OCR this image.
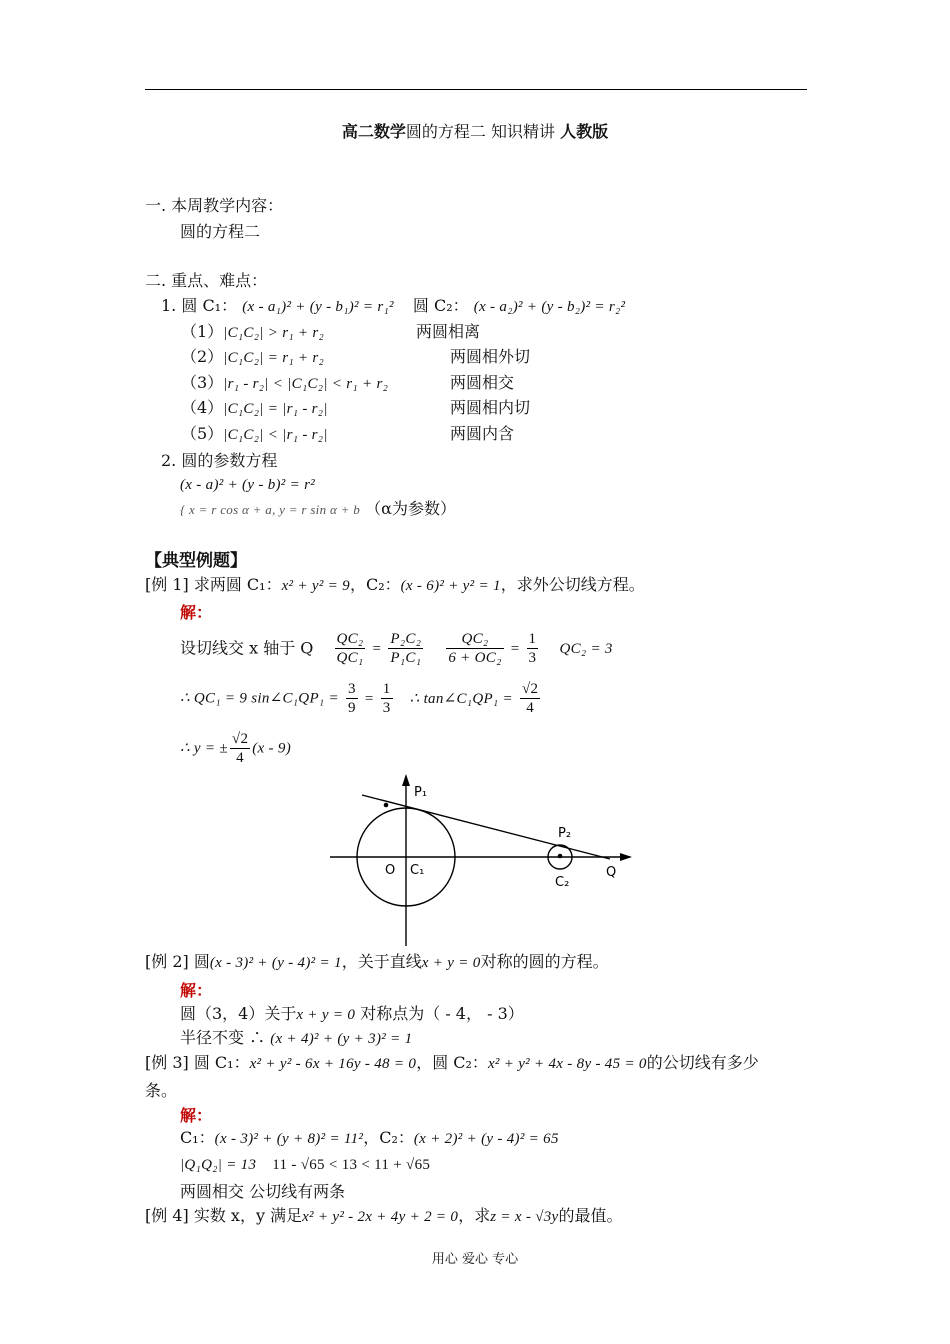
高二数学圆的方程二 知识精讲 人教版
一. 本周教学内容：
圆的方程二
二. 重点、难点：
1. 圆 C₁： (x - a₁)² + (y - b₁)² = r₁² 圆 C₂： (x - a₂)² + (y - b₂)² = r₂²
（1）|C₁C₂| > r₁ + r₂	两圆相离
（2）|C₁C₂| = r₁ + r₂	两圆相外切
（3）|r₁ - r₂| < |C₁C₂| < r₁ + r₂	两圆相交
（4）|C₁C₂| = |r₁ - r₂|	两圆相内切
（5）|C₁C₂| < |r₁ - r₂|	两圆内含
2. 圆的参数方程
(x - a)² + (y - b)² = r²
{ x = r cos α + a, y = r sin α + b （α为参数）
【典型例题】
[例 1] 求两圆 C₁：x² + y² = 9，C₂：(x - 6)² + y² = 1，求外公切线方程。
解：
设切线交 x 轴于 Q $\frac{\text{QC₂}}{\text{QC₁}} = \frac{\text{P₂C₂}}{\text{P₁C₁}}$
$\frac{\text{QC₂}}{\text{6 + OC₂}} = \frac{1}{3} QC_2 = 3$
∴ QC₁ = 9 sin∠C₁QP₁ = $\frac{3}{9} = \frac{1}{3}$ ∴ tan∠C₁QP₁ = $\frac{√2}{4}$
∴ y = ± $\frac{√2}{4} (x - 9)$
P₁
P₂
O C₁
C₂
Q
[例 2] 圆(x - 3)² + (y - 4)² = 1，关于直线x + y = 0对称的圆的方程。
解：
圆（3，4）关于x + y = 0 对称点为（ - 4， - 3）
半径不变 ∴ (x + 4)² + (y + 3)² = 1
[例 3] 圆 C₁：x² + y² - 6x + 16y - 48 = 0，圆 C₂：x² + y² + 4x - 8y - 45 = 0的公切线有多少
条。
解：
C₁：(x - 3)² + (y + 8)² = 11²，C₂：(x + 2)² + (y - 4)² = 65
|Q₁Q₂| = 13 11 - √65 < 13 < 11 + √65
两圆相交 公切线有两条
[例 4] 实数 x，y 满足x² + y² - 2x + 4y + 2 = 0，求z = x - √3y的最值。
用心 爱心 专心
